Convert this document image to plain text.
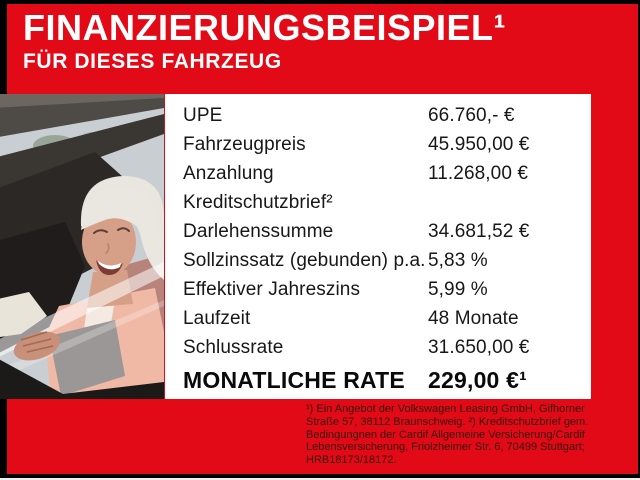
FINANZIERUNGSBEISPIEL¹
FÜR DIESES FAHRZEUG
UPE	66.760,- €
Fahrzeugpreis	45.950,00 €
Anzahlung	11.268,00 €
Kreditschutzbrief²
Darlehenssumme	34.681,52 €
Sollzinssatz (gebunden) p.a. 5,83 %
Effektiver Jahreszins	5,99 %
Laufzeit	48 Monate
Schlussrate	31.650,00 €
MONATLICHE RATE	229,00 €¹
¹) Ein Angebot der Volkswagen Leasing GmbH, Gifhorner
Straße 57, 38112 Braunschweig. ²) Kreditschutzbrief gem.
Bedingungnen der Cardif Allgemeine Versicherung/Cardif
Lebensversicherung, Friolzheimer Str. 6, 70499 Stuttgart;
HRB18173/18172.
